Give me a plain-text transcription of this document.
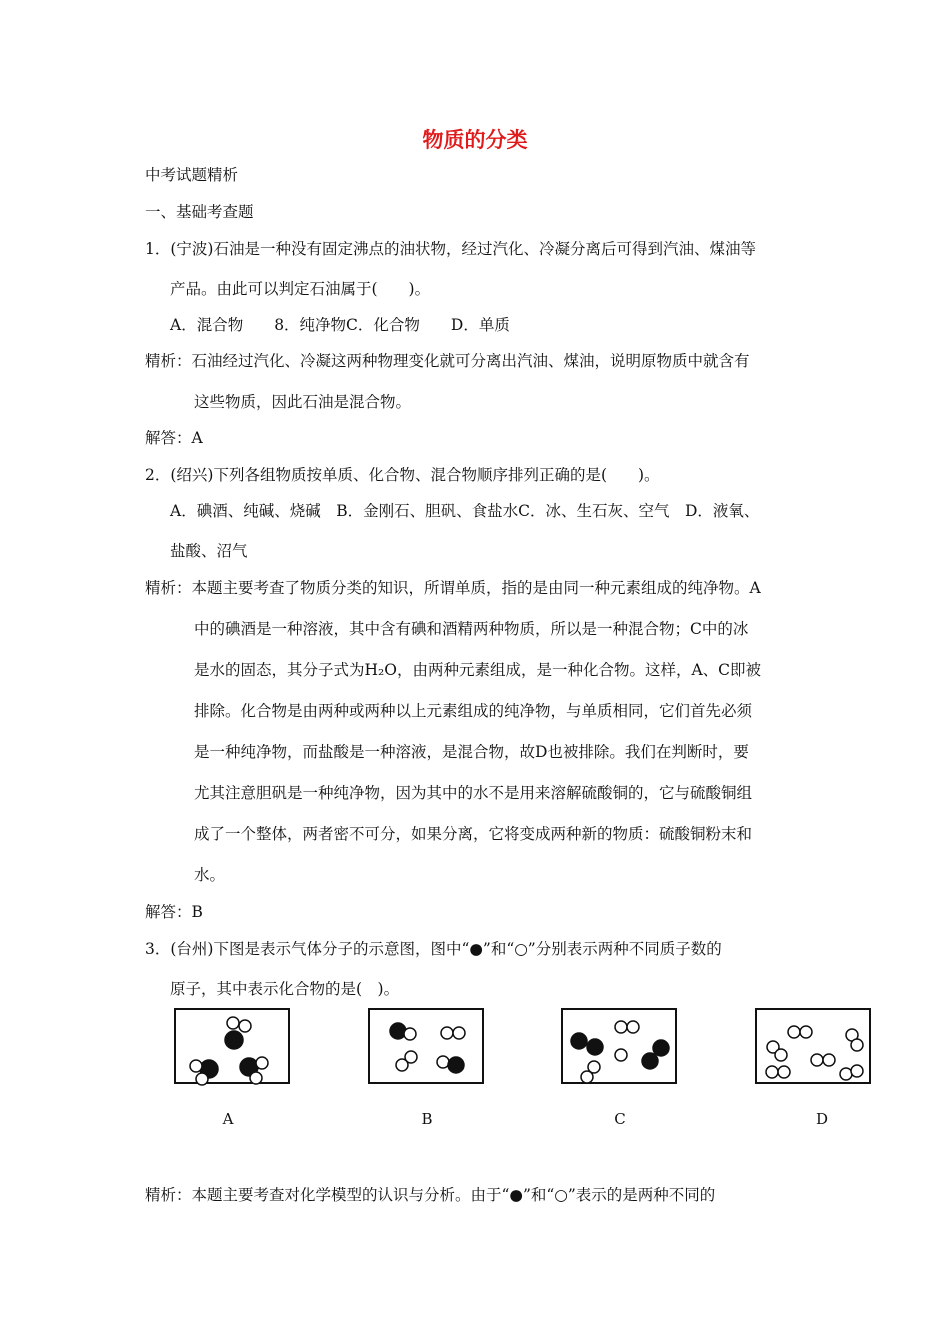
物质的分类
中考试题精析
一、基础考查题
1．(宁波)石油是一种没有固定沸点的油状物，经过汽化、冷凝分离后可得到汽油、煤油等
产品。由此可以判定石油属于(　　)。
A．混合物　　8．纯净物C．化合物　　D．单质
精析：石油经过汽化、冷凝这两种物理变化就可分离出汽油、煤油，说明原物质中就含有
这些物质，因此石油是混合物。
解答：A
2．(绍兴)下列各组物质按单质、化合物、混合物顺序排列正确的是(　　)。
A．碘酒、纯碱、烧碱　B．金刚石、胆矾、食盐水C．冰、生石灰、空气　D．液氧、
盐酸、沼气
精析：本题主要考查了物质分类的知识，所谓单质，指的是由同一种元素组成的纯净物。A
中的碘酒是一种溶液，其中含有碘和酒精两种物质，所以是一种混合物；C中的冰
是水的固态，其分子式为H₂O，由两种元素组成，是一种化合物。这样，A、C即被
排除。化合物是由两种或两种以上元素组成的纯净物，与单质相同，它们首先必须
是一种纯净物，而盐酸是一种溶液，是混合物，故D也被排除。我们在判断时，要
尤其注意胆矾是一种纯净物，因为其中的水不是用来溶解硫酸铜的，它与硫酸铜组
成了一个整体，两者密不可分，如果分离，它将变成两种新的物质：硫酸铜粉末和
水。
解答：B
3．(台州)下图是表示气体分子的示意图，图中“●”和“○”分别表示两种不同质子数的
原子，其中表示化合物的是(　)。
A	B	C	D
精析：本题主要考查对化学模型的认识与分析。由于“●”和“○”表示的是两种不同的
